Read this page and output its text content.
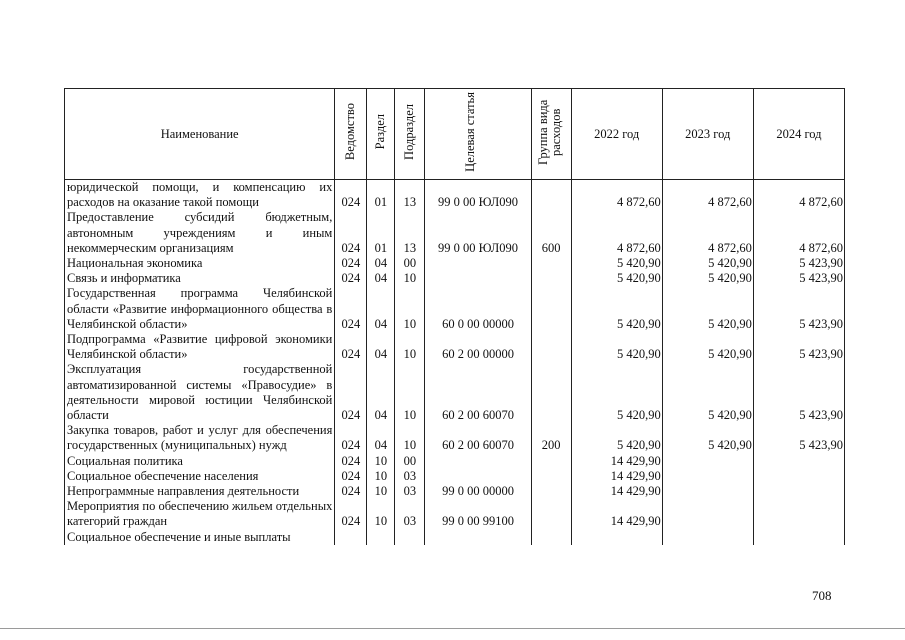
Наименование	Ведомство	Раздел	Подраздел	Целевая статья	Группа вида расходов	2022 год	2023 год	2024 год
юридической помощи, и компенсацию их расходов на оказание такой помощи	024	01	13	99 0 00 ЮЛ090		4 872,60	4 872,60	4 872,60
Предоставление субсидий бюджетным, автономным учреждениям и иным некоммерческим организациям	024	01	13	99 0 00 ЮЛ090	600	4 872,60	4 872,60	4 872,60
Национальная экономика	024	04	00			5 420,90	5 420,90	5 423,90
Связь и информатика	024	04	10			5 420,90	5 420,90	5 423,90
Государственная программа Челябинской области «Развитие информационного общества в Челябинской области»	024	04	10	60 0 00 00000		5 420,90	5 420,90	5 423,90
Подпрограмма «Развитие цифровой экономики Челябинской области»	024	04	10	60 2 00 00000		5 420,90	5 420,90	5 423,90
Эксплуатация государственной автоматизированной системы «Правосудие» в деятельности мировой юстиции Челябинской области	024	04	10	60 2 00 60070		5 420,90	5 420,90	5 423,90
Закупка товаров, работ и услуг для обеспечения государственных (муниципальных) нужд	024	04	10	60 2 00 60070	200	5 420,90	5 420,90	5 423,90
Социальная политика	024	10	00			14 429,90		
Социальное обеспечение населения	024	10	03			14 429,90		
Непрограммные направления деятельности	024	10	03	99 0 00 00000		14 429,90		
Мероприятия по обеспечению жильем отдельных категорий граждан	024	10	03	99 0 00 99100		14 429,90		
Социальное обеспечение и иные выплаты								
708
